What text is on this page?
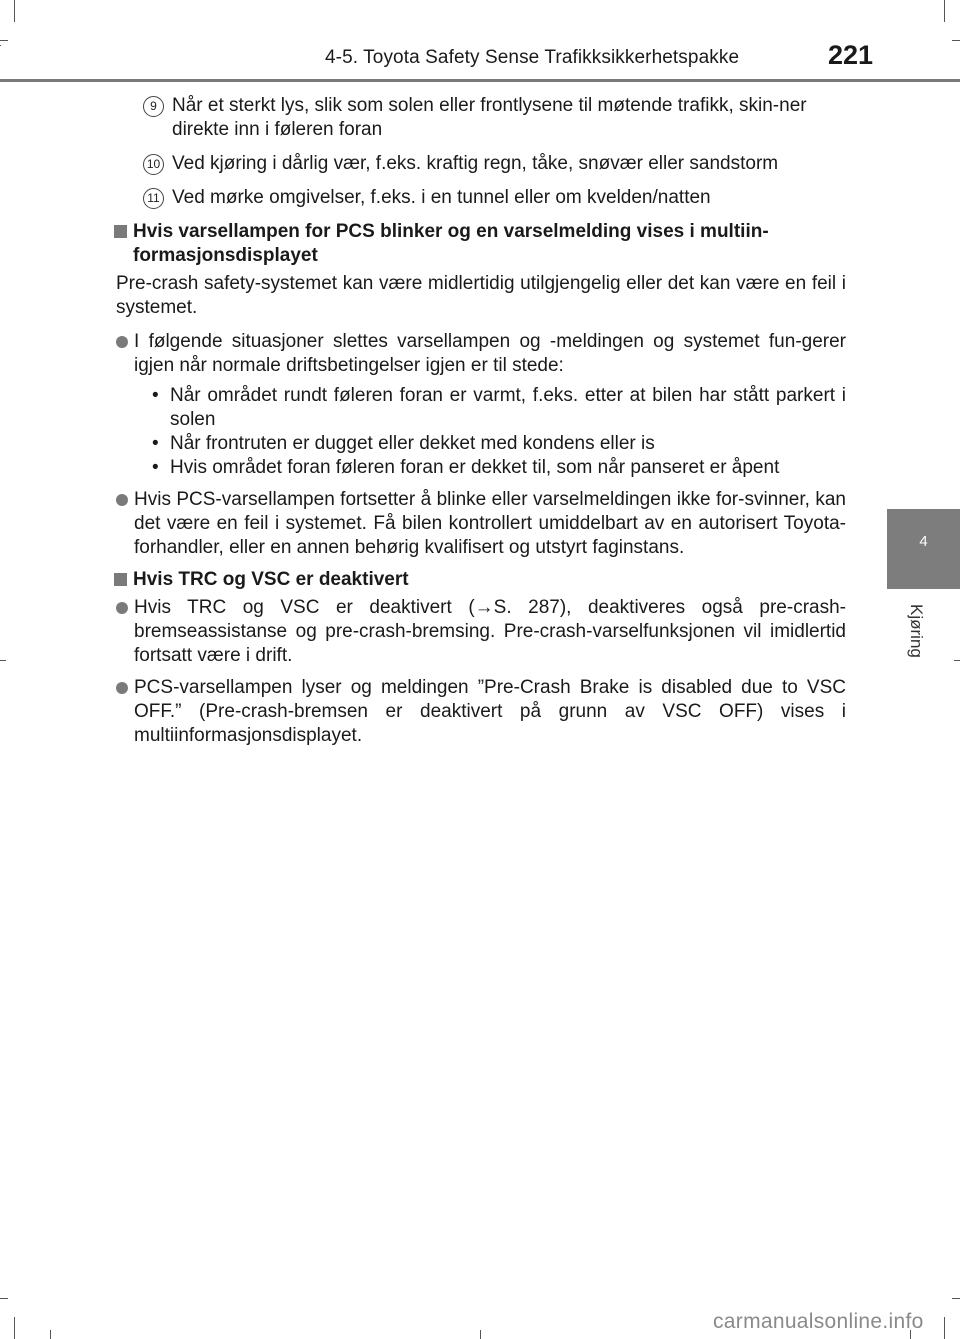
4-5. Toyota Safety Sense Trafikksikkerhetspakke	221
4
Kjøring
9 Når et sterkt lys, slik som solen eller frontlysene til møtende trafikk, skin-ner direkte inn i føleren foran
10 Ved kjøring i dårlig vær, f.eks. kraftig regn, tåke, snøvær eller sandstorm
11 Ved mørke omgivelser, f.eks. i en tunnel eller om kvelden/natten
Hvis varsellampen for PCS blinker og en varselmelding vises i multiin-formasjonsdisplayet
Pre-crash safety-systemet kan være midlertidig utilgjengelig eller det kan være en feil i systemet.
I følgende situasjoner slettes varsellampen og -meldingen og systemet fun-gerer igjen når normale driftsbetingelser igjen er til stede:
• Når området rundt føleren foran er varmt, f.eks. etter at bilen har stått parkert i solen
• Når frontruten er dugget eller dekket med kondens eller is
• Hvis området foran føleren foran er dekket til, som når panseret er åpent
Hvis PCS-varsellampen fortsetter å blinke eller varselmeldingen ikke for-svinner, kan det være en feil i systemet. Få bilen kontrollert umiddelbart av en autorisert Toyota-forhandler, eller en annen behørig kvalifisert og utstyrt faginstans.
Hvis TRC og VSC er deaktivert
Hvis TRC og VSC er deaktivert (→S. 287), deaktiveres også pre-crash-bremseassistanse og pre-crash-bremsing. Pre-crash-varselfunksjonen vil imidlertid fortsatt være i drift.
PCS-varsellampen lyser og meldingen ”Pre-Crash Brake is disabled due to VSC OFF.” (Pre-crash-bremsen er deaktivert på grunn av VSC OFF) vises i multiinformasjonsdisplayet.
carmanualsonline.info
